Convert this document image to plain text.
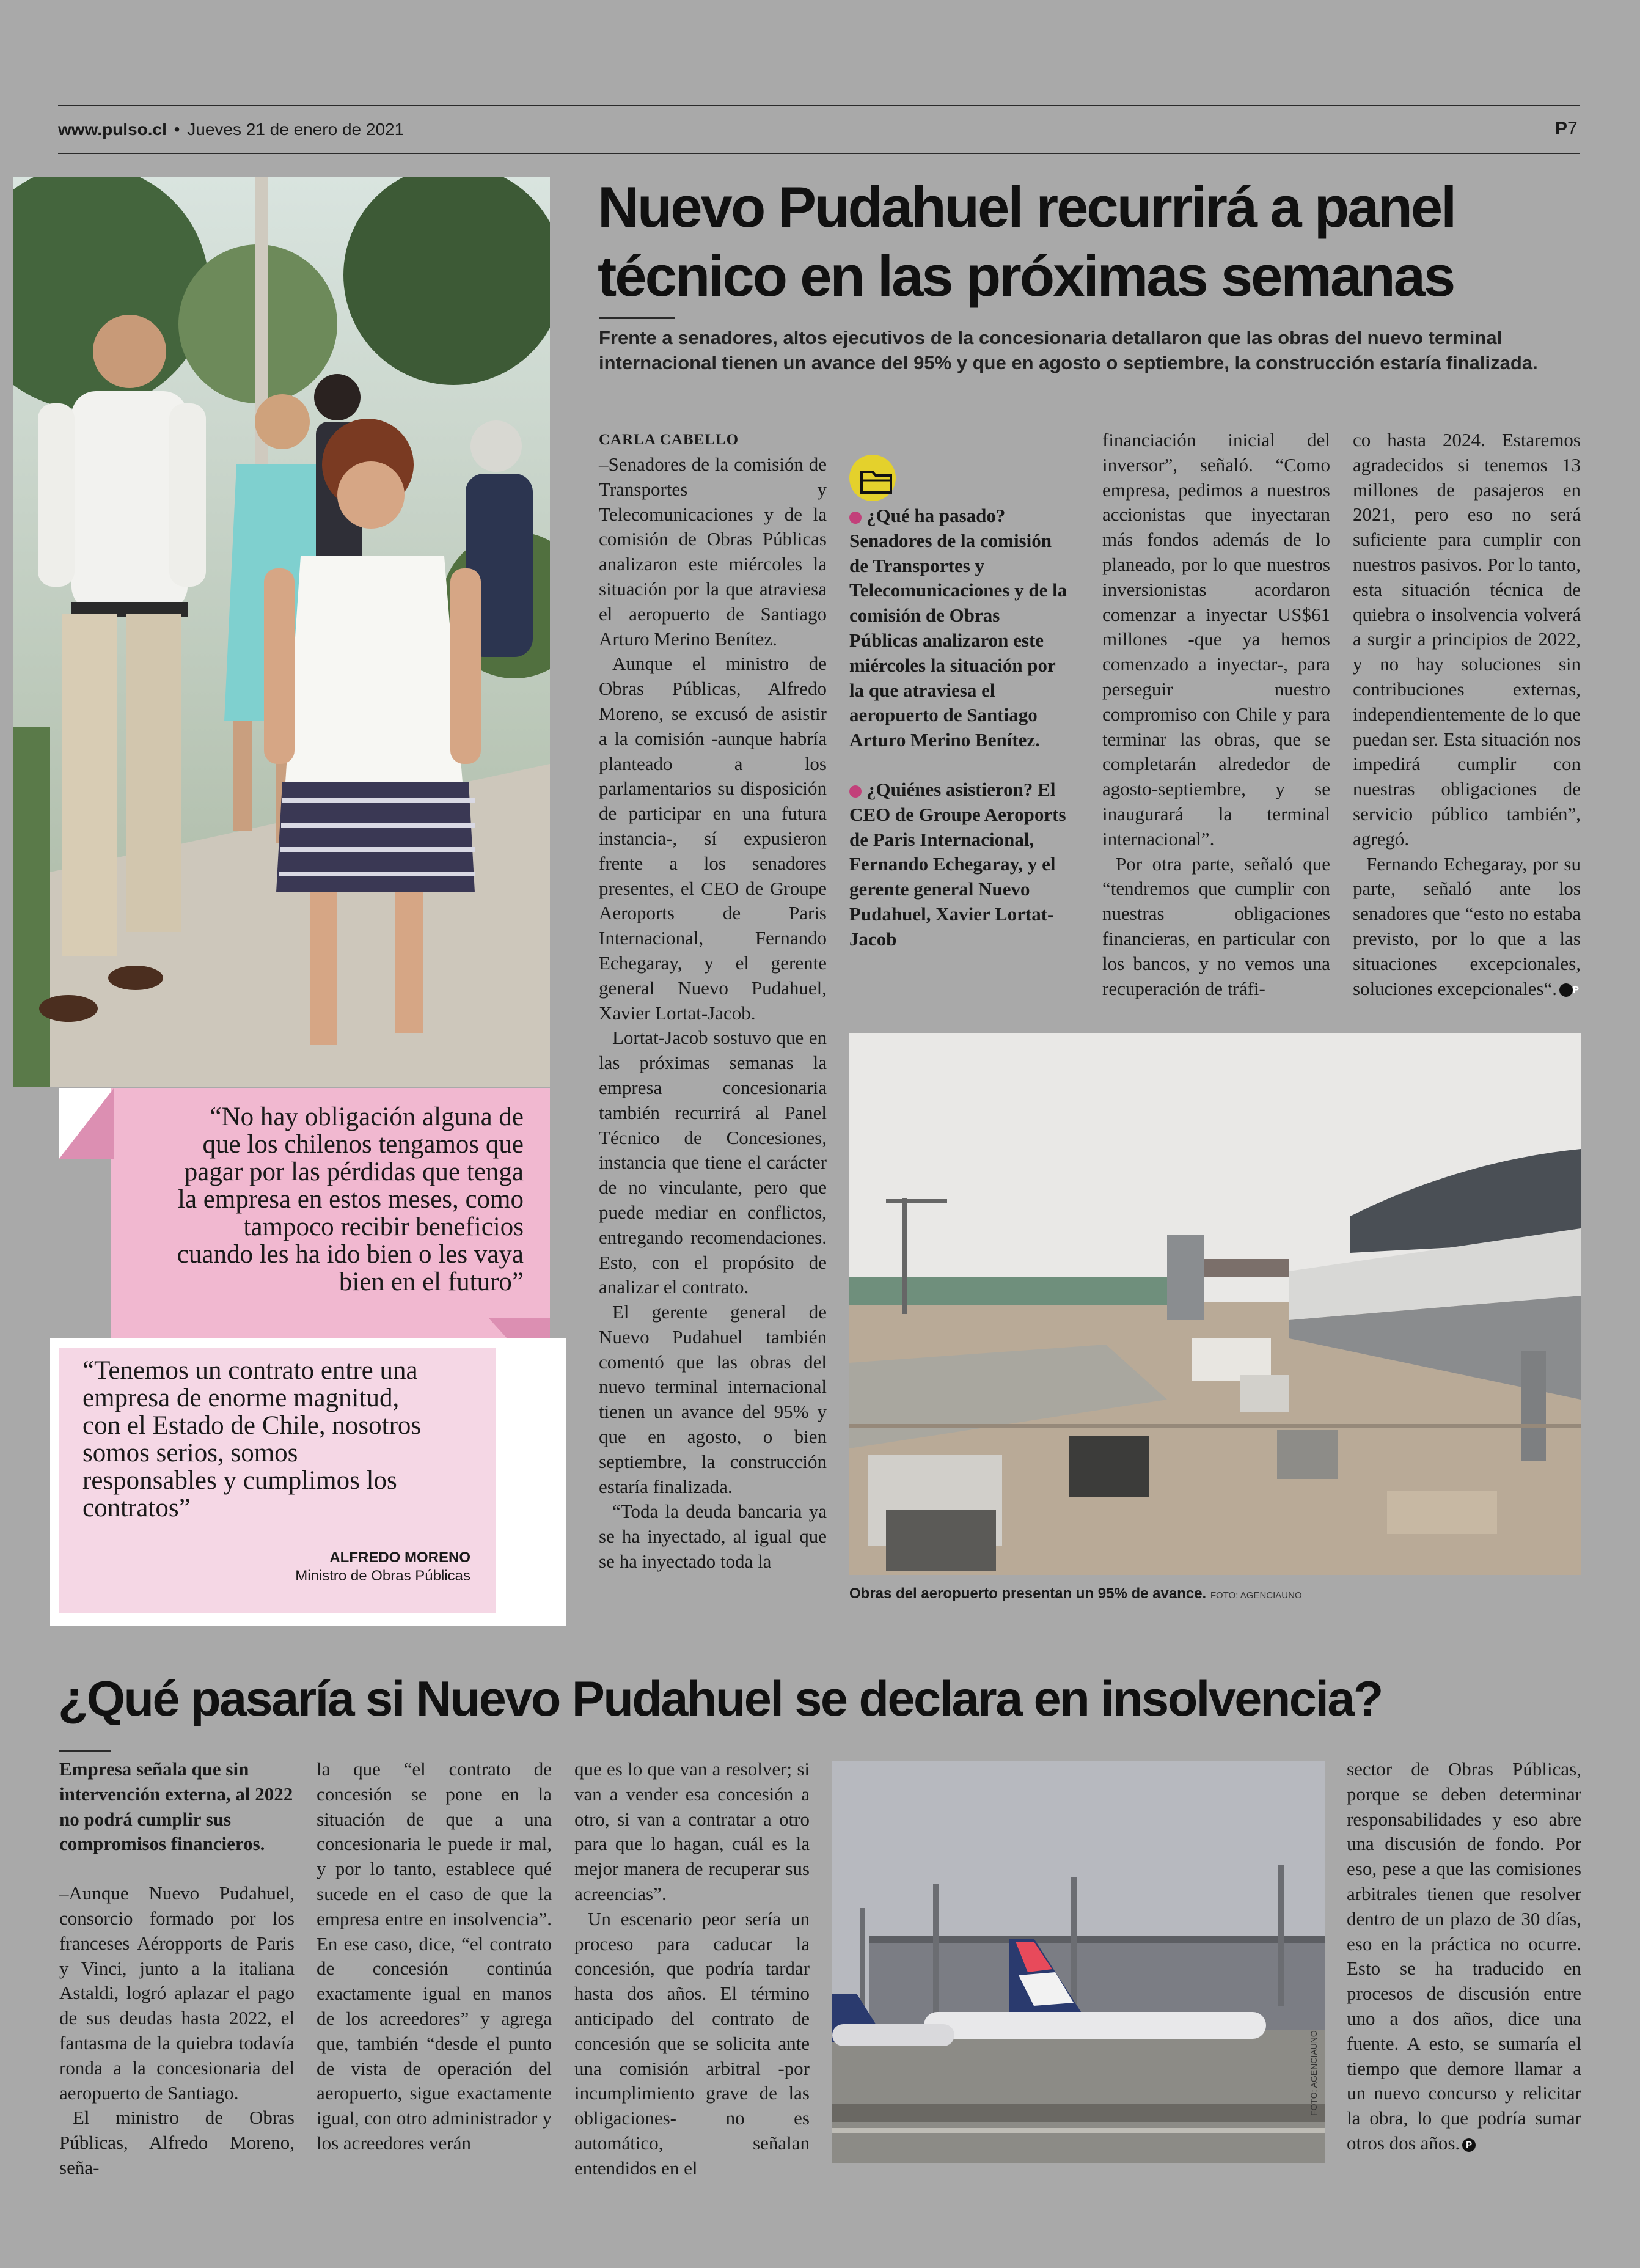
www.pulso.cl • Jueves 21 de enero de 2021	P7
“No hay obligación alguna de
que los chilenos tengamos que
pagar por las pérdidas que tenga
la empresa en estos meses, como
tampoco recibir beneficios
cuando les ha ido bien o les vaya
bien en el futuro”
“Tenemos un contrato entre una
empresa de enorme magnitud,
con el Estado de Chile, nosotros
somos serios, somos
responsables y cumplimos los
contratos”
ALFREDO MORENO
Ministro de Obras Públicas
Nuevo Pudahuel recurrirá a panel
técnico en las próximas semanas
Frente a senadores, altos ejecutivos de la concesionaria detallaron que las obras del nuevo terminal
internacional tienen un avance del 95% y que en agosto o septiembre, la construcción estaría finalizada.
CARLA CABELLO

–Senadores de la comisión de Transportes y Telecomunicaciones y de la comisión de Obras Públicas analizaron este miércoles la situación por la que atraviesa el aeropuerto de Santiago Arturo Merino Benítez.

Aunque el ministro de Obras Públicas, Alfredo Moreno, se excusó de asistir a la comisión -aunque habría planteado a los parlamentarios su disposición de participar en una futura instancia-, sí expusieron frente a los senadores presentes, el CEO de Groupe Aeroports de Paris Internacional, Fernando Echegaray, y el gerente general Nuevo Pudahuel, Xavier Lortat-Jacob.

Lortat-Jacob sostuvo que en las próximas semanas la empresa concesionaria también recurrirá al Panel Técnico de Concesiones, instancia que tiene el carácter de no vinculante, pero que puede mediar en conflictos, entregando recomendaciones. Esto, con el propósito de analizar el contrato.

El gerente general de Nuevo Pudahuel también comentó que las obras del nuevo terminal internacional tienen un avance del 95% y que en agosto, o bien septiembre, la construcción estaría finalizada.

“Toda la deuda bancaria ya se ha inyectado, al igual que se ha inyectado toda la

¿Qué ha pasado?
Senadores de la comisión de Transportes y Telecomunicaciones y de la comisión de Obras Públicas analizaron este miércoles la situación por la que atraviesa el aeropuerto de Santiago Arturo Merino Benítez.
¿Quiénes asistieron? El CEO de Groupe Aeroports de Paris Internacional, Fernando Echegaray, y el gerente general Nuevo Pudahuel, Xavier Lortat-Jacob

financiación inicial del inversor”, señaló. “Como empresa, pedimos a nuestros accionistas que inyectaran más fondos además de lo planeado, por lo que nuestros inversionistas acordaron comenzar a inyectar US$61 millones -que ya hemos comenzado a inyectar-, para perseguir nuestro compromiso con Chile y para terminar las obras, que se completarán alrededor de agosto-septiembre, y se inaugurará la terminal internacional”.

Por otra parte, señaló que “tendremos que cumplir con nuestras obligaciones financieras, en particular con los bancos, y no vemos una recuperación de tráfi-

co hasta 2024. Estaremos agradecidos si tenemos 13 millones de pasajeros en 2021, pero eso no será suficiente para cumplir con nuestros pasivos. Por lo tanto, esta situación técnica de quiebra o insolvencia volverá a surgir a principios de 2022, y no hay soluciones sin contribuciones externas, independientemente de lo que puedan ser. Esta situación nos impedirá cumplir con nuestras obligaciones de servicio público también”, agregó.

Fernando Echegaray, por su parte, señaló ante los senadores que “esto no estaba previsto, por lo que a las situaciones excepcionales, soluciones excepcionales“. P

Obras del aeropuerto presentan un 95% de avance. FOTO: AGENCIAUNO
¿Qué pasaría si Nuevo Pudahuel se declara en insolvencia?
Empresa señala que sin intervención externa, al 2022 no podrá cumplir sus compromisos financieros.

–Aunque Nuevo Pudahuel, consorcio formado por los franceses Aéropports de Paris y Vinci, junto a la italiana Astaldi, logró aplazar el pago de sus deudas hasta 2022, el fantasma de la quiebra todavía ronda a la concesionaria del aeropuerto de Santiago.

El ministro de Obras Públicas, Alfredo Moreno, seña-

la que “el contrato de concesión se pone en la situación de que a una concesionaria le puede ir mal, y por lo tanto, establece qué sucede en el caso de que la empresa entre en insolvencia”. En ese caso, dice, “el contrato de concesión continúa exactamente igual en manos de los acreedores” y agrega que, también “desde el punto de vista de operación del aeropuerto, sigue exactamente igual, con otro administrador y los acreedores verán

que es lo que van a resolver; si van a vender esa concesión a otro, si van a contratar a otro para que lo hagan, cuál es la mejor manera de recuperar sus acreencias”.

Un escenario peor sería un proceso para caducar la concesión, que podría tardar hasta dos años. El término anticipado del contrato de concesión que se solicita ante una comisión arbitral -por incumplimiento grave de las obligaciones- no es automático, señalan entendidos en el

FOTO: AGENCIAUNO

sector de Obras Públicas, porque se deben determinar responsabilidades y eso abre una discusión de fondo. Por eso, pese a que las comisiones arbitrales tienen que resolver dentro de un plazo de 30 días, eso en la práctica no ocurre. Esto se ha traducido en procesos de discusión entre uno a dos años, dice una fuente. A esto, se sumaría el tiempo que demore llamar a un nuevo concurso y relicitar la obra, lo que podría sumar otros dos años. P
